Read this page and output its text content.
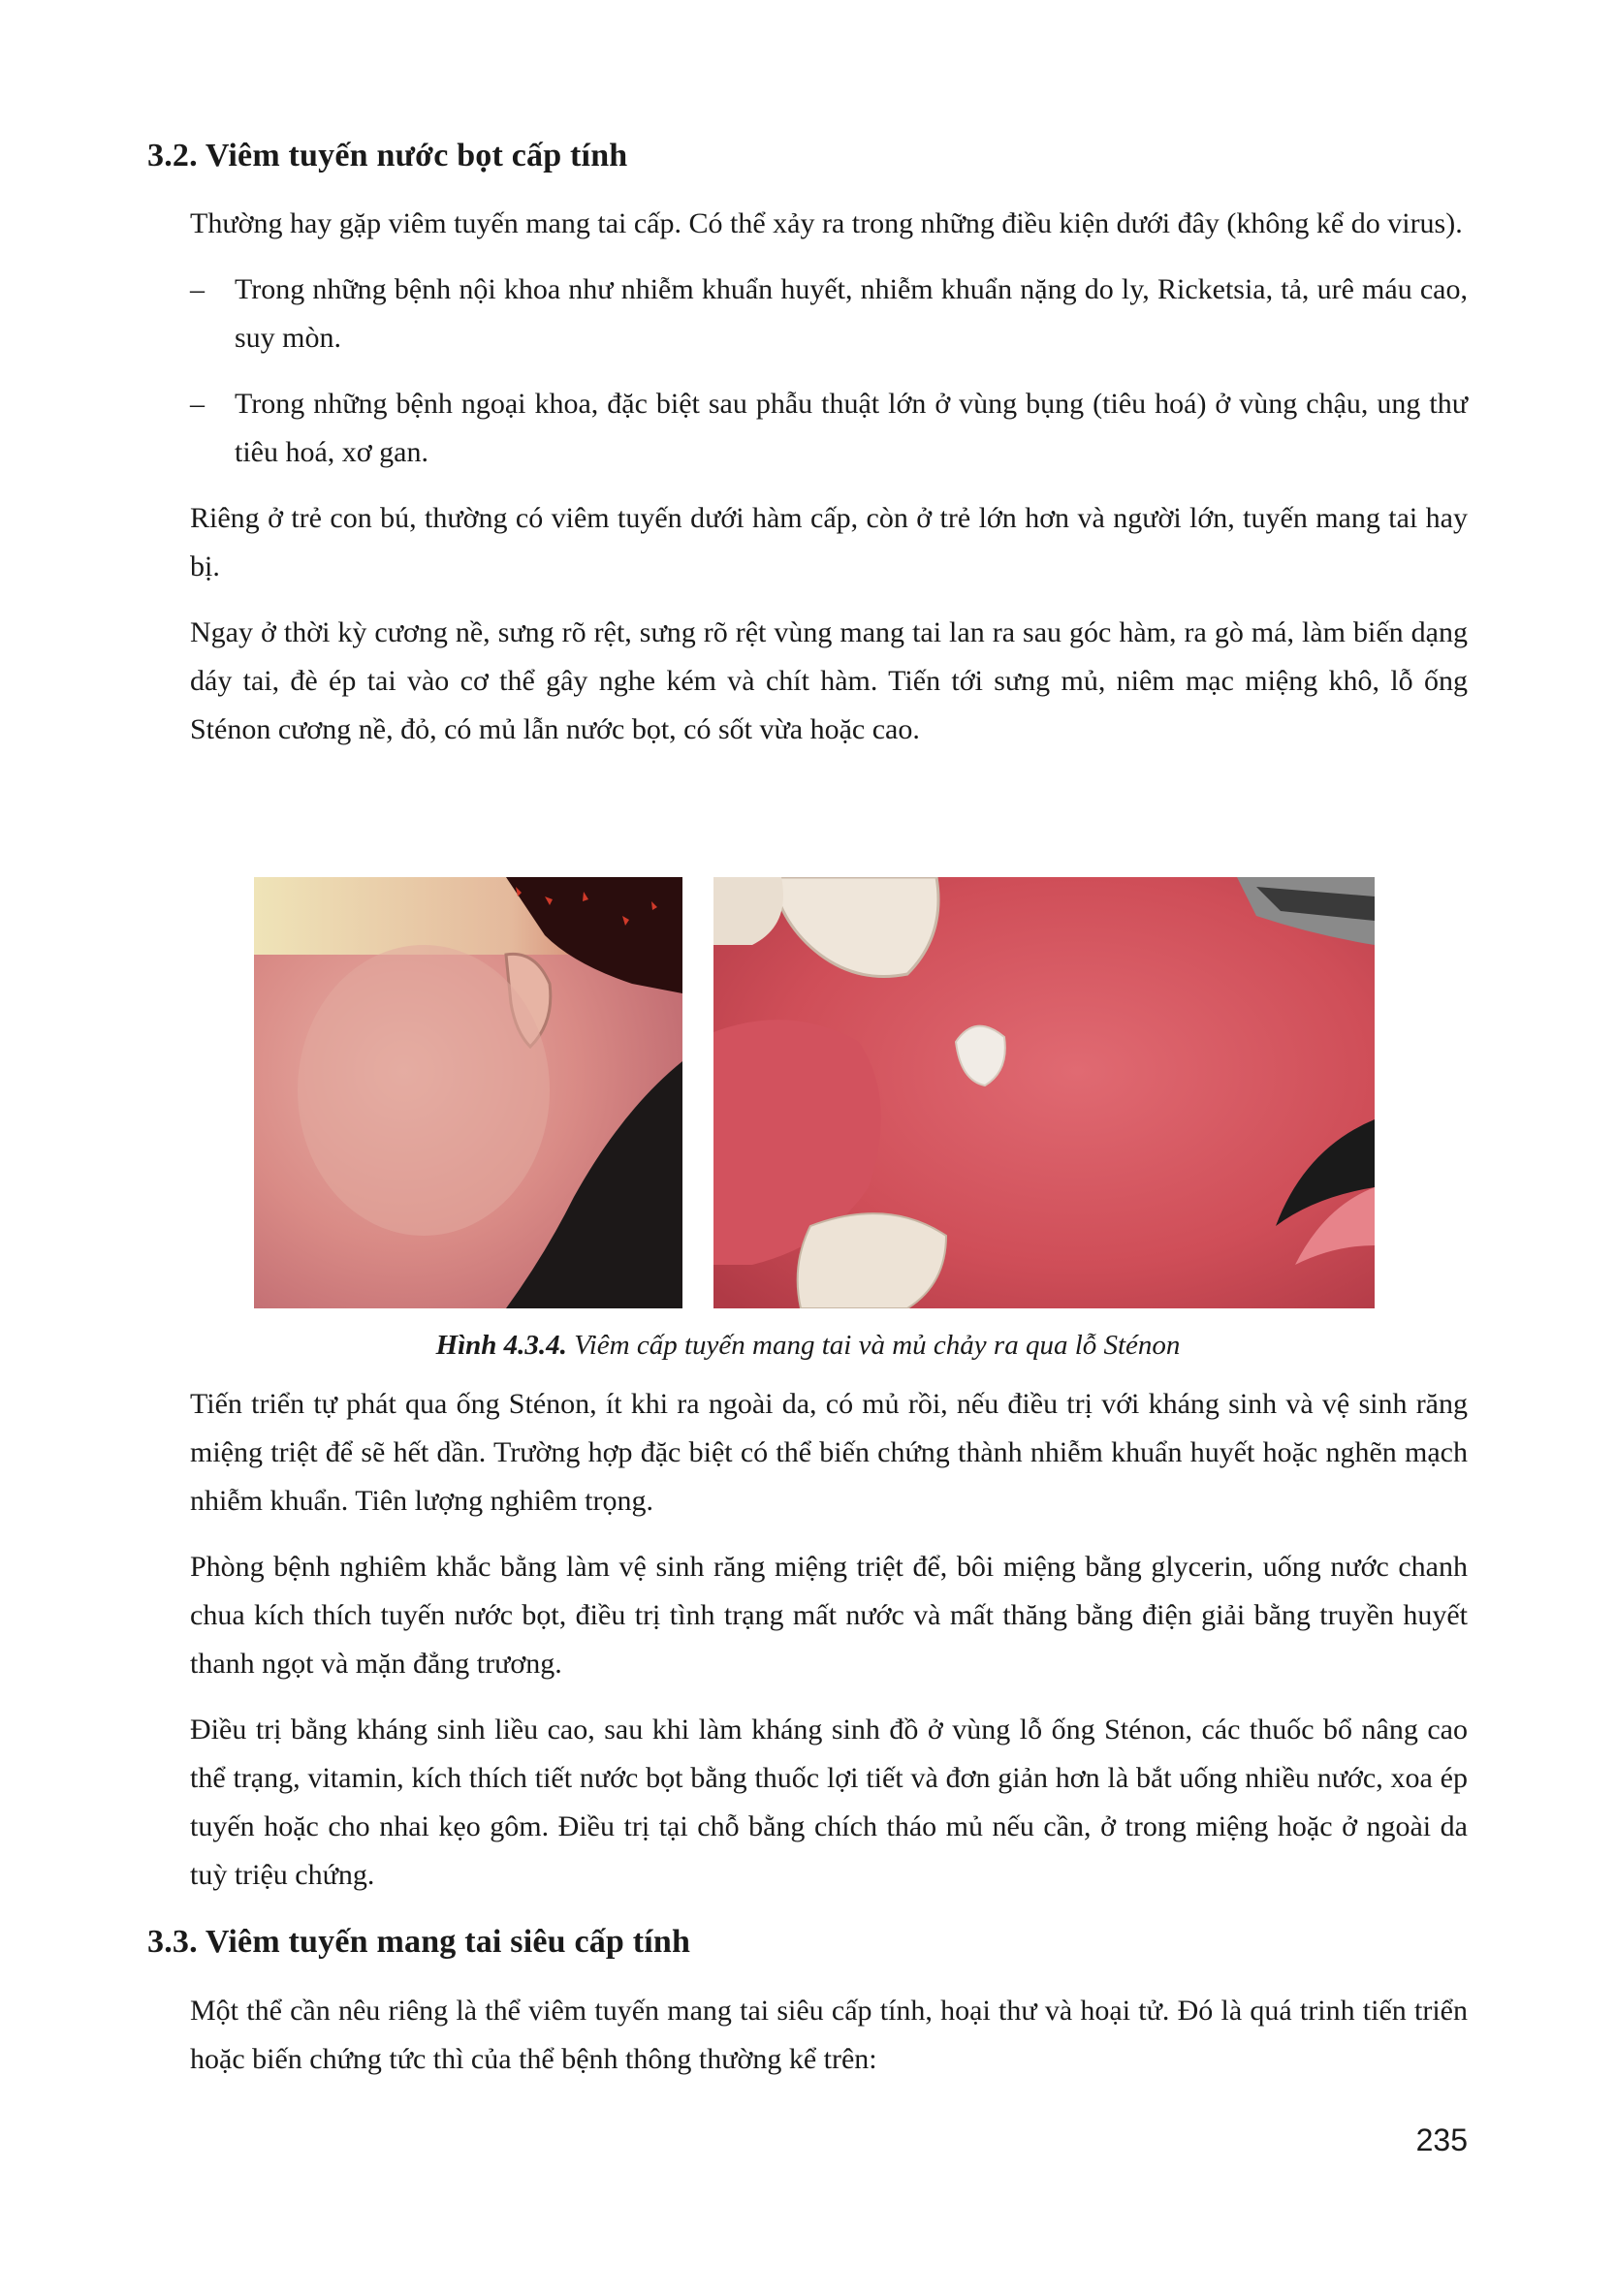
3.2. Viêm tuyến nước bọt cấp tính

Thường hay gặp viêm tuyến mang tai cấp. Có thể xảy ra trong những điều kiện dưới đây (không kể do virus).

– Trong những bệnh nội khoa như nhiễm khuẩn huyết, nhiễm khuẩn nặng do ly, Ricketsia, tả, urê máu cao, suy mòn.
– Trong những bệnh ngoại khoa, đặc biệt sau phẫu thuật lớn ở vùng bụng (tiêu hoá) ở vùng chậu, ung thư tiêu hoá, xơ gan.

Riêng ở trẻ con bú, thường có viêm tuyến dưới hàm cấp, còn ở trẻ lớn hơn và người lớn, tuyến mang tai hay bị.

Ngay ở thời kỳ cương nề, sưng rõ rệt, sưng rõ rệt vùng mang tai lan ra sau góc hàm, ra gò má, làm biến dạng dáy tai, đè ép tai vào cơ thể gây nghe kém và chít hàm. Tiến tới sưng mủ, niêm mạc miệng khô, lỗ ống Sténon cương nề, đỏ, có mủ lẫn nước bọt, có sốt vừa hoặc cao.

Hình 4.3.4. Viêm cấp tuyến mang tai và mủ chảy ra qua lỗ Sténon

Tiến triển tự phát qua ống Sténon, ít khi ra ngoài da, có mủ rồi, nếu điều trị với kháng sinh và vệ sinh răng miệng triệt để sẽ hết dần. Trường hợp đặc biệt có thể biến chứng thành nhiễm khuẩn huyết hoặc nghẽn mạch nhiễm khuẩn. Tiên lượng nghiêm trọng.

Phòng bệnh nghiêm khắc bằng làm vệ sinh răng miệng triệt để, bôi miệng bằng glycerin, uống nước chanh chua kích thích tuyến nước bọt, điều trị tình trạng mất nước và mất thăng bằng điện giải bằng truyền huyết thanh ngọt và mặn đẳng trương.

Điều trị bằng kháng sinh liều cao, sau khi làm kháng sinh đồ ở vùng lỗ ống Sténon, các thuốc bổ nâng cao thể trạng, vitamin, kích thích tiết nước bọt bằng thuốc lợi tiết và đơn giản hơn là bắt uống nhiều nước, xoa ép tuyến hoặc cho nhai kẹo gôm. Điều trị tại chỗ bằng chích tháo mủ nếu cần, ở trong miệng hoặc ở ngoài da tuỳ triệu chứng.

3.3. Viêm tuyến mang tai siêu cấp tính

Một thể cần nêu riêng là thể viêm tuyến mang tai siêu cấp tính, hoại thư và hoại tử. Đó là quá trinh tiến triển hoặc biến chứng tức thì của thể bệnh thông thường kể trên:

235
